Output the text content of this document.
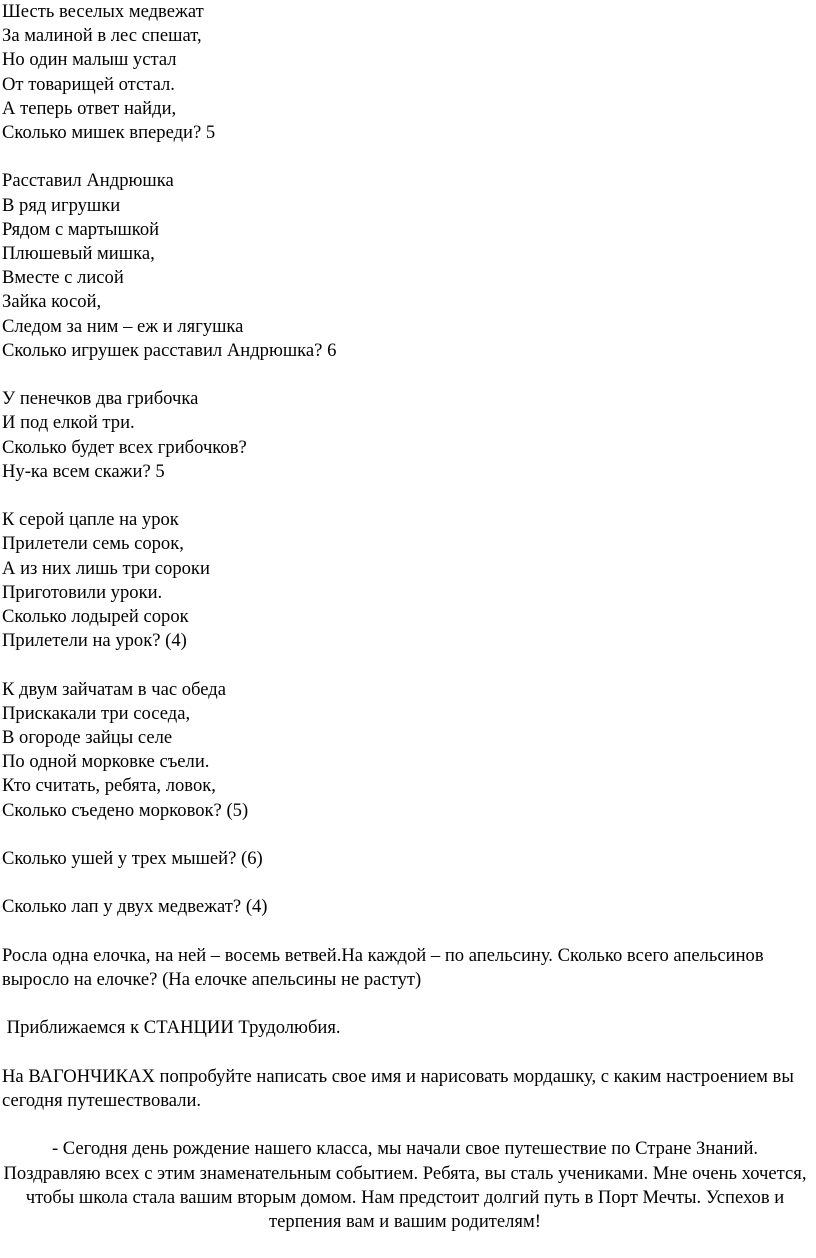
Шесть веселых медвежат
За малиной в лес спешат,
Но один малыш устал
От товарищей отстал.
А теперь ответ найди,
Сколько мишек впереди? 5
Расставил Андрюшка
В ряд игрушки
Рядом с мартышкой
Плюшевый мишка,
Вместе с лисой
Зайка косой,
Следом за ним – еж и лягушка
Сколько игрушек расставил Андрюшка? 6
У пенечков два грибочка
И под елкой три.
Сколько будет всех грибочков?
Ну-ка всем скажи? 5
К серой цапле на урок
Прилетели семь сорок,
А из них лишь три сороки
Приготовили уроки.
Сколько лодырей сорок
Прилетели на урок? (4)
К двум зайчатам в час обеда
Прискакали три соседа,
В огороде зайцы селе
По одной морковке съели.
Кто считать, ребята, ловок,
Сколько съедено морковок? (5)
Сколько ушей у трех мышей? (6)
Сколько лап у двух медвежат? (4)
Росла одна елочка, на ней – восемь ветвей.На каждой – по апельсину. Сколько всего апельсинов выросло на елочке? (На елочке апельсины не растут)
Приближаемся к СТАНЦИИ Трудолюбия.
На ВАГОНЧИКАХ попробуйте написать свое имя и нарисовать мордашку, с каким настроением вы сегодня путешествовали.
- Сегодня день рождение нашего класса, мы начали свое путешествие по Стране Знаний. Поздравляю всех с этим знаменательным событием. Ребята, вы сталь учениками. Мне очень хочется, чтобы школа стала вашим вторым домом. Нам предстоит долгий путь в Порт Мечты. Успехов и терпения вам и вашим родителям!
